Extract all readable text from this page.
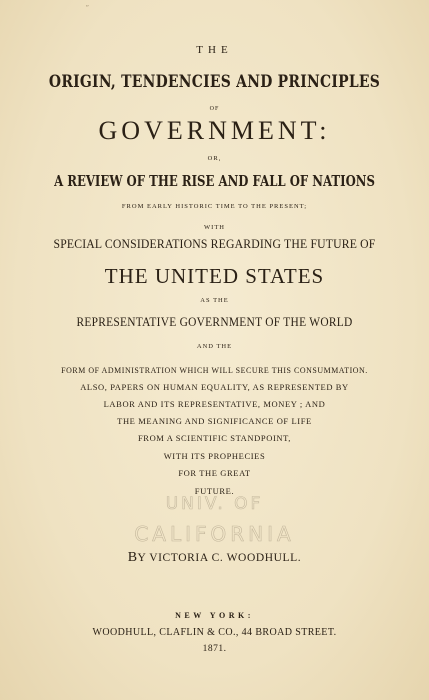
″
THE
ORIGIN, TENDENCIES AND PRINCIPLES
OF
GOVERNMENT:
OR,
A REVIEW OF THE RISE AND FALL OF NATIONS
FROM EARLY HISTORIC TIME TO THE PRESENT;
WITH
SPECIAL CONSIDERATIONS REGARDING THE FUTURE OF
THE UNITED STATES
AS THE
REPRESENTATIVE GOVERNMENT OF THE WORLD
AND THE
FORM OF ADMINISTRATION WHICH WILL SECURE THIS CONSUMMATION.
ALSO, PAPERS ON HUMAN EQUALITY, AS REPRESENTED BY
LABOR AND ITS REPRESENTATIVE, MONEY ; AND
THE MEANING AND SIGNIFICANCE OF LIFE
FROM A SCIENTIFIC STANDPOINT,
WITH ITS PROPHECIES
FOR THE GREAT
FUTURE.
UNIV. OF
CALIFORNIA
BY VICTORIA C. WOODHULL.
NEW YORK:
WOODHULL, CLAFLIN & CO., 44 BROAD STREET.
1871.
